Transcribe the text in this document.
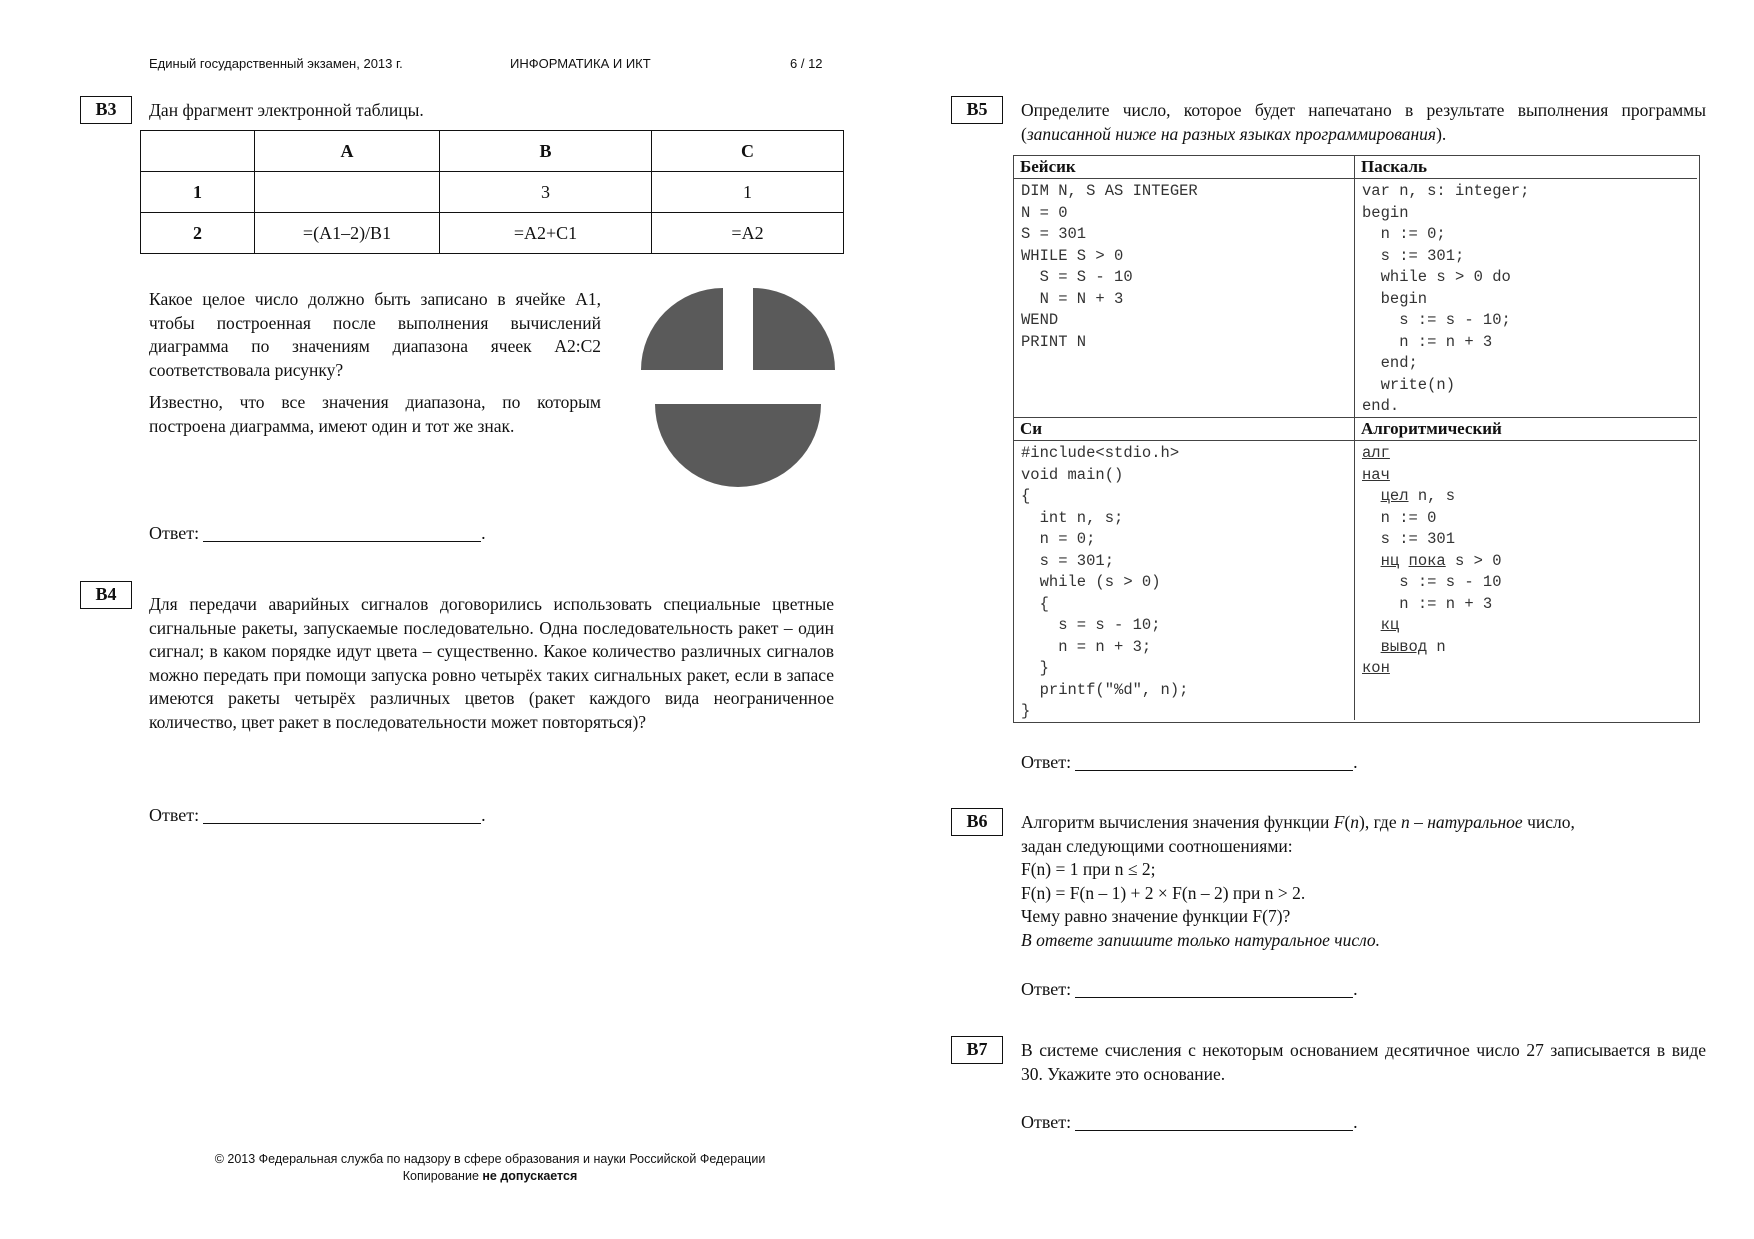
Единый государственный экзамен, 2013 г.	ИНФОРМАТИКА И ИКТ	6 / 12
B3	Дан фрагмент электронной таблицы.
	A	B	C
1		3	1
2	=(A1–2)/B1	=A2+C1	=A2
Какое целое число должно быть записано в ячейке A1, чтобы построенная после выполнения вычислений диаграмма по значениям диапазона ячеек A2:C2 соответствовала рисунку?
Известно, что все значения диапазона, по которым построена диаграмма, имеют один и тот же знак.
Ответ:	.
B4	Для передачи аварийных сигналов договорились использовать специальные цветные сигнальные ракеты, запускаемые последовательно. Одна последовательность ракет – один сигнал; в каком порядке идут цвета – существенно. Какое количество различных сигналов можно передать при помощи запуска ровно четырёх таких сигнальных ракет, если в запасе имеются ракеты четырёх различных цветов (ракет каждого вида неограниченное количество, цвет ракет в последовательности может повторяться)?
Ответ:	.
B5	Определите число, которое будет напечатано в результате выполнения программы (записанной ниже на разных языках программирования).
Бейсик
DIM N, S AS INTEGER
N = 0
S = 301
WHILE S > 0
S = S - 10
N = N + 3
WEND
PRINT N
Паскаль
var n, s: integer;
begin
n := 0;
s := 301;
while s > 0 do
begin
s := s - 10;
n := n + 3
end;
write(n)
end.
Си
#include<stdio.h>
void main()
{
int n, s;
n = 0;
s = 301;
while (s > 0)
{
s = s - 10;
n = n + 3;
}
printf("%d", n);
}
Алгоритмический
алг
нач
цел n, s
n := 0
s := 301
нц пока s > 0
s := s - 10
n := n + 3
кц
вывод n
кон
Ответ:	.
B6	Алгоритм вычисления значения функции F(n), где n – натуральное число,
задан следующими соотношениями:
F(n) = 1 при n ≤ 2;
F(n) = F(n – 1) + 2 × F(n – 2) при n > 2.
Чему равно значение функции F(7)?
В ответе запишите только натуральное число.
Ответ:	.
B7	В системе счисления с некоторым основанием десятичное число 27 записывается в виде 30. Укажите это основание.
Ответ:	.
© 2013 Федеральная служба по надзору в сфере образования и науки Российской Федерации
Копирование не допускается
